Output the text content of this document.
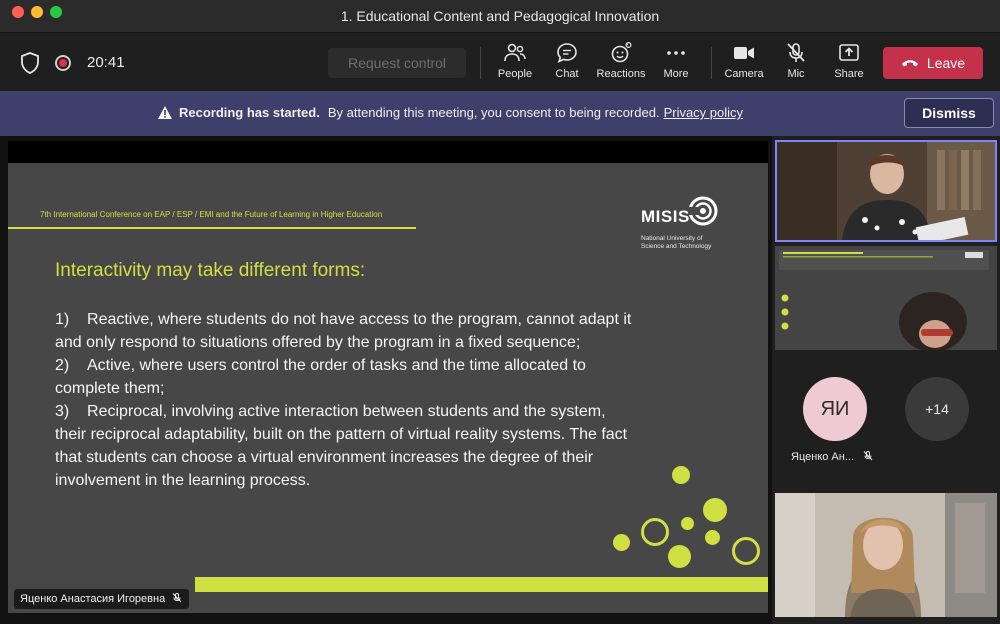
1. Educational Content and Pedagogical Innovation
20:41	Request control
People	Chat	Reactions	More	Camera	Mic	Share
Leave
Recording has started. By attending this meeting, you consent to being recorded. Privacy policy	Dismiss
7th International Conference on EAP / ESP / EMI and the Future of Learning in Higher Education	MISIS
National University of
Science and Technology
Interactivity may take different forms:

1)    Reactive, where students do not have access to the program, cannot adapt it and only respond to situations offered by the program in a fixed sequence;

2)    Active, where users control the order of tasks and the time allocated to complete them;

3)    Reciprocal, involving active interaction between students and the system, their reciprocal adaptability, built on the pattern of virtual reality systems. The fact that students can choose a virtual environment increases the degree of their involvement in the learning process.

Яценко Анастасия Игоревна
ЯИ	+14
Яценко Ан...
